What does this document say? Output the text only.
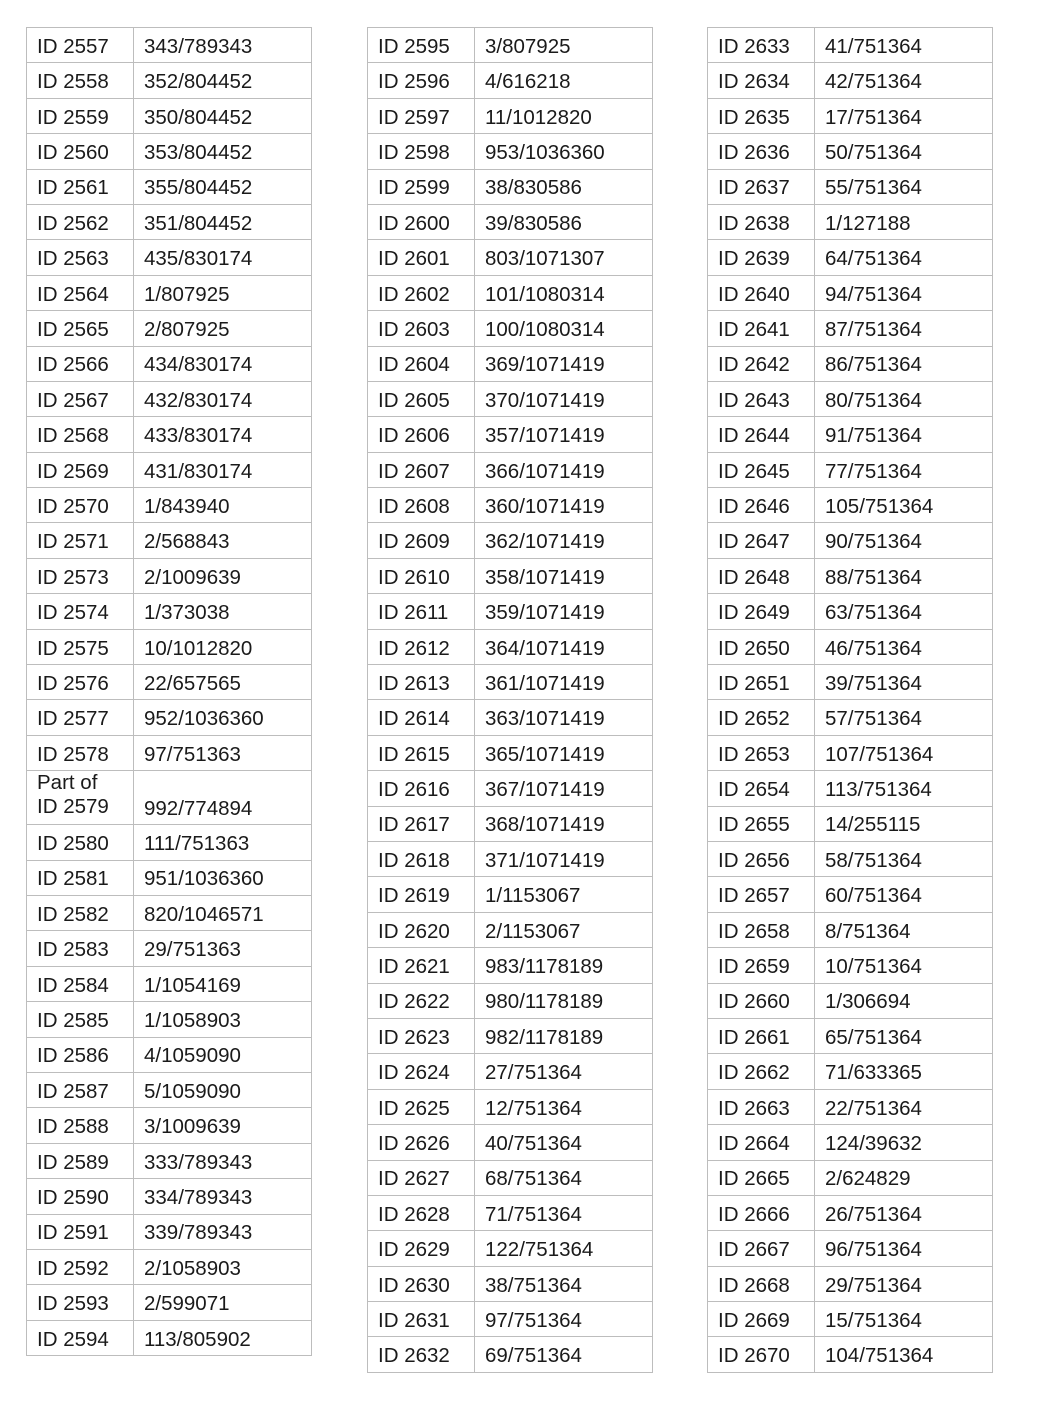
ID 2557	343/789343
ID 2558	352/804452
ID 2559	350/804452
ID 2560	353/804452
ID 2561	355/804452
ID 2562	351/804452
ID 2563	435/830174
ID 2564	1/807925
ID 2565	2/807925
ID 2566	434/830174
ID 2567	432/830174
ID 2568	433/830174
ID 2569	431/830174
ID 2570	1/843940
ID 2571	2/568843
ID 2573	2/1009639
ID 2574	1/373038
ID 2575	10/1012820
ID 2576	22/657565
ID 2577	952/1036360
ID 2578	97/751363

Part of
ID 2579	992/774894
ID 2580	111/751363
ID 2581	951/1036360
ID 2582	820/1046571
ID 2583	29/751363
ID 2584	1/1054169
ID 2585	1/1058903
ID 2586	4/1059090
ID 2587	5/1059090
ID 2588	3/1009639
ID 2589	333/789343
ID 2590	334/789343
ID 2591	339/789343
ID 2592	2/1058903
ID 2593	2/599071
ID 2594	113/805902
ID 2595	3/807925
ID 2596	4/616218
ID 2597	11/1012820
ID 2598	953/1036360
ID 2599	38/830586
ID 2600	39/830586
ID 2601	803/1071307
ID 2602	101/1080314
ID 2603	100/1080314
ID 2604	369/1071419
ID 2605	370/1071419
ID 2606	357/1071419
ID 2607	366/1071419
ID 2608	360/1071419
ID 2609	362/1071419
ID 2610	358/1071419
ID 2611	359/1071419
ID 2612	364/1071419
ID 2613	361/1071419
ID 2614	363/1071419
ID 2615	365/1071419
ID 2616	367/1071419
ID 2617	368/1071419
ID 2618	371/1071419
ID 2619	1/1153067
ID 2620	2/1153067
ID 2621	983/1178189
ID 2622	980/1178189
ID 2623	982/1178189
ID 2624	27/751364
ID 2625	12/751364
ID 2626	40/751364
ID 2627	68/751364
ID 2628	71/751364
ID 2629	122/751364
ID 2630	38/751364
ID 2631	97/751364
ID 2632	69/751364
ID 2633	41/751364
ID 2634	42/751364
ID 2635	17/751364
ID 2636	50/751364
ID 2637	55/751364
ID 2638	1/127188
ID 2639	64/751364
ID 2640	94/751364
ID 2641	87/751364
ID 2642	86/751364
ID 2643	80/751364
ID 2644	91/751364
ID 2645	77/751364
ID 2646	105/751364
ID 2647	90/751364
ID 2648	88/751364
ID 2649	63/751364
ID 2650	46/751364
ID 2651	39/751364
ID 2652	57/751364
ID 2653	107/751364
ID 2654	113/751364
ID 2655	14/255115
ID 2656	58/751364
ID 2657	60/751364
ID 2658	8/751364
ID 2659	10/751364
ID 2660	1/306694
ID 2661	65/751364
ID 2662	71/633365
ID 2663	22/751364
ID 2664	124/39632
ID 2665	2/624829
ID 2666	26/751364
ID 2667	96/751364
ID 2668	29/751364
ID 2669	15/751364
ID 2670	104/751364
